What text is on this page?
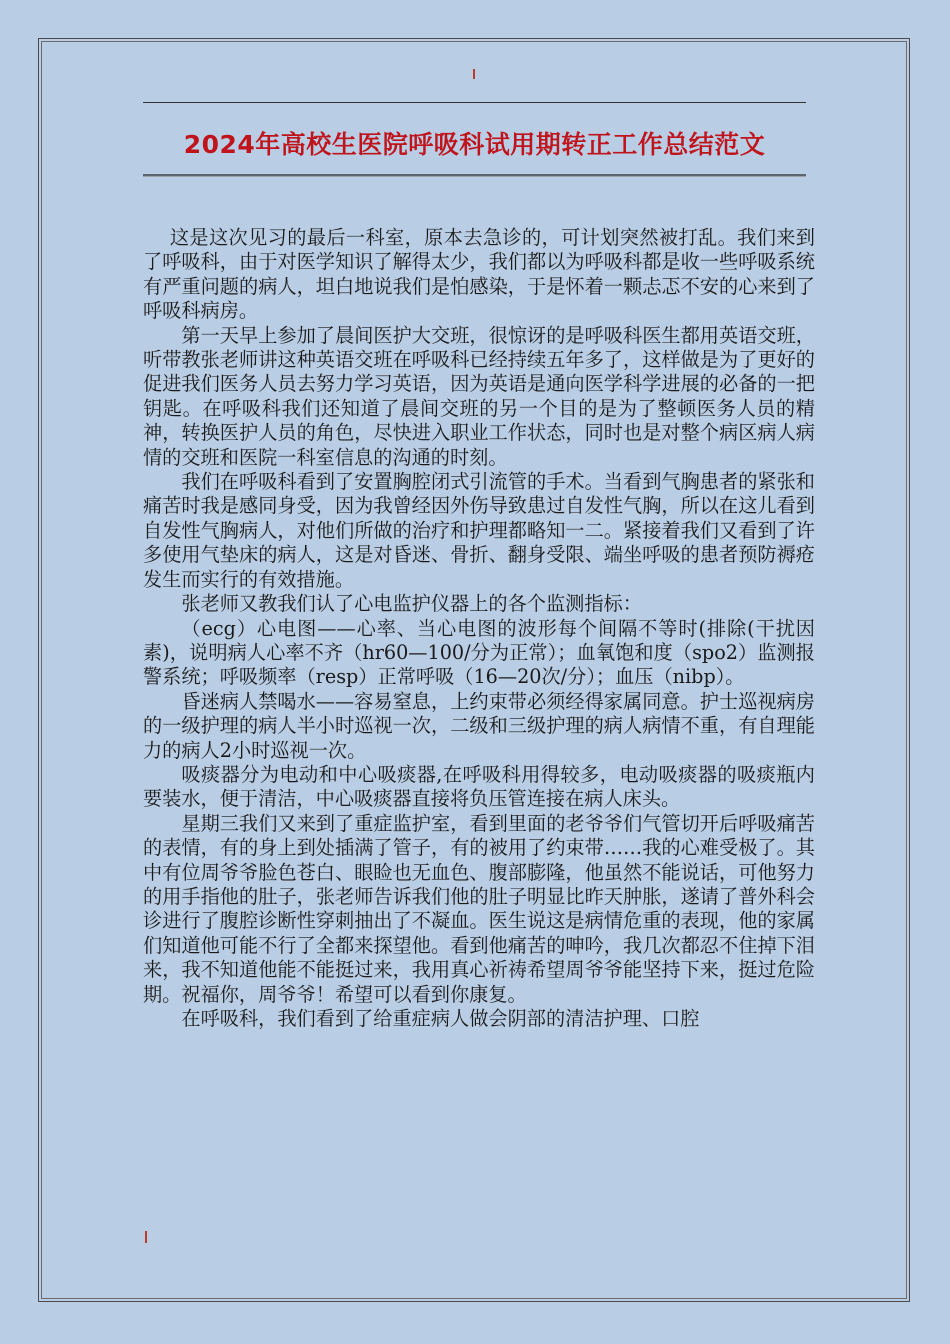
2024年高校生医院呼吸科试用期转正工作总结范文

这是这次见习的最后一科室，原本去急诊的，可计划突然被打乱。我们来到了呼吸科，由于对医学知识了解得太少，我们都以为呼吸科都是收一些呼吸系统有严重问题的病人，坦白地说我们是怕感染，于是怀着一颗忐忑不安的心来到了呼吸科病房。

第一天早上参加了晨间医护大交班，很惊讶的是呼吸科医生都用英语交班，听带教张老师讲这种英语交班在呼吸科已经持续五年多了，这样做是为了更好的促进我们医务人员去努力学习英语，因为英语是通向医学科学进展的必备的一把钥匙。在呼吸科我们还知道了晨间交班的另一个目的是为了整顿医务人员的精神，转换医护人员的角色，尽快进入职业工作状态，同时也是对整个病区病人病情的交班和医院一科室信息的沟通的时刻。

我们在呼吸科看到了安置胸腔闭式引流管的手术。当看到气胸患者的紧张和痛苦时我是感同身受，因为我曾经因外伤导致患过自发性气胸，所以在这儿看到自发性气胸病人，对他们所做的治疗和护理都略知一二。紧接着我们又看到了许多使用气垫床的病人，这是对昏迷、骨折、翻身受限、端坐呼吸的患者预防褥疮发生而实行的有效措施。

张老师又教我们认了心电监护仪器上的各个监测指标：

（ecg）心电图——心率、当心电图的波形每个间隔不等时(排除(干扰因素)，说明病人心率不齐（hr60—100/分为正常）；血氧饱和度（spo2）监测报警系统；呼吸频率（resp）正常呼吸（16—20次/分）；血压（nibp）。

昏迷病人禁喝水——容易窒息，上约束带必须经得家属同意。护士巡视病房的一级护理的病人半小时巡视一次，二级和三级护理的病人病情不重，有自理能力的病人2小时巡视一次。

吸痰器分为电动和中心吸痰器,在呼吸科用得较多，电动吸痰器的吸痰瓶内要装水，便于清洁，中心吸痰器直接将负压管连接在病人床头。

星期三我们又来到了重症监护室，看到里面的老爷爷们气管切开后呼吸痛苦的表情，有的身上到处插满了管子，有的被用了约束带……我的心难受极了。其中有位周爷爷脸色苍白、眼睑也无血色、腹部膨隆，他虽然不能说话，可他努力的用手指他的肚子，张老师告诉我们他的肚子明显比昨天肿胀，遂请了普外科会诊进行了腹腔诊断性穿刺抽出了不凝血。医生说这是病情危重的表现，他的家属们知道他可能不行了全都来探望他。看到他痛苦的呻吟，我几次都忍不住掉下泪来，我不知道他能不能挺过来，我用真心祈祷希望周爷爷能坚持下来，挺过危险期。祝福你，周爷爷！希望可以看到你康复。

在呼吸科，我们看到了给重症病人做会阴部的清洁护理、口腔
